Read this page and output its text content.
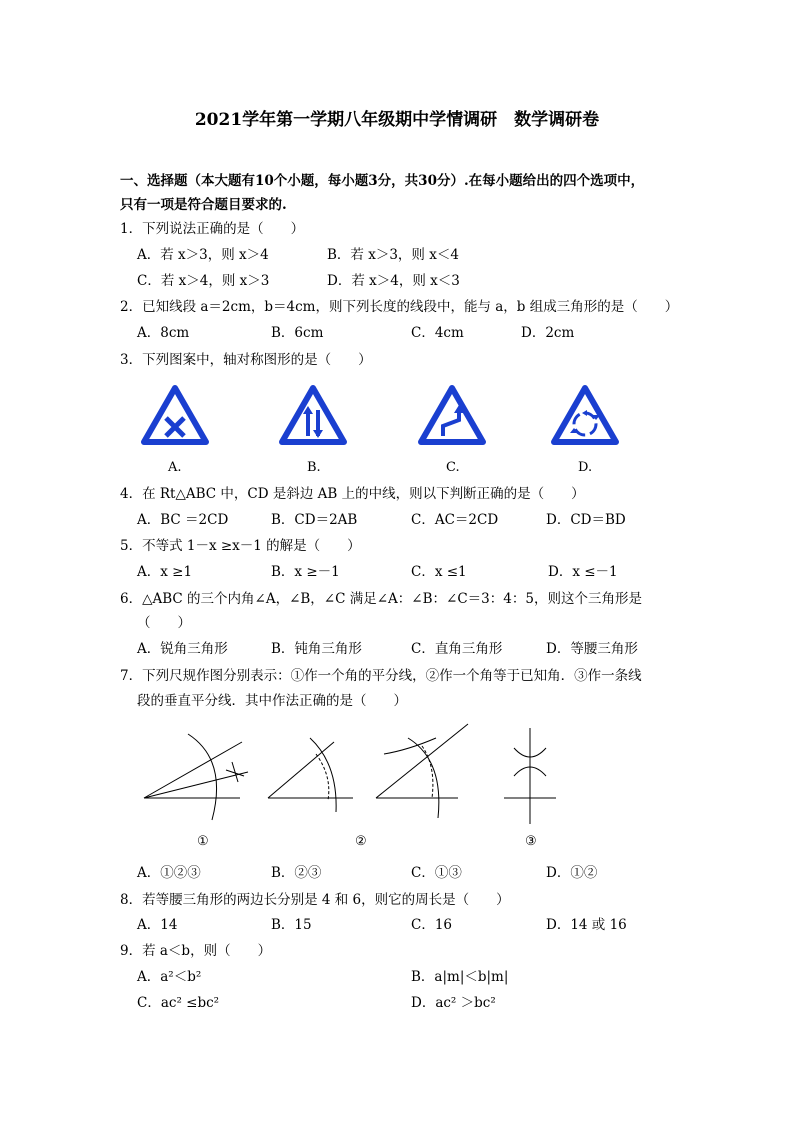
2021学年第一学期八年级期中学情调研　数学调研卷
一、选择题（本大题有10个小题，每小题3分，共30分）.在每小题给出的四个选项中，
只有一项是符合题目要求的.
1．下列说法正确的是（　　）
A．若 x＞3，则 x＞4	B．若 x＞3，则 x＜4
C．若 x＞4，则 x＞3	D．若 x＞4，则 x＜3
2．已知线段 a＝2cm，b＝4cm，则下列长度的线段中，能与 a，b 组成三角形的是（　　）
A．8cm	B．6cm	C．4cm	D．2cm
3．下列图案中，轴对称图形的是（　　）
A.	B.	C.	D.
4．在 Rt△ABC 中，CD 是斜边 AB 上的中线，则以下判断正确的是（　　）
A．BC ＝2CD	B．CD＝2AB	C．AC＝2CD	D．CD＝BD
5．不等式 1－x ≥x－1 的解是（　　）
A．x ≥1	B．x ≥－1	C．x ≤1	D．x ≤－1
6．△ABC 的三个内角∠A，∠B，∠C 满足∠A：∠B：∠C＝3：4：5，则这个三角形是
（　　）
A．锐角三角形	B．钝角三角形	C．直角三角形	D．等腰三角形
7．下列尺规作图分别表示：①作一个角的平分线，②作一个角等于已知角．③作一条线
段的垂直平分线．其中作法正确的是（　　）
①	②	③
A．①②③	B．②③	C．①③	D．①②
8．若等腰三角形的两边长分别是 4 和 6，则它的周长是（　　）
A．14	B．15	C．16	D．14 或 16
9．若 a＜b，则（　　）
A．a²＜b²	B．a|m|＜b|m|
C．ac² ≤bc²	D．ac² ＞bc²
